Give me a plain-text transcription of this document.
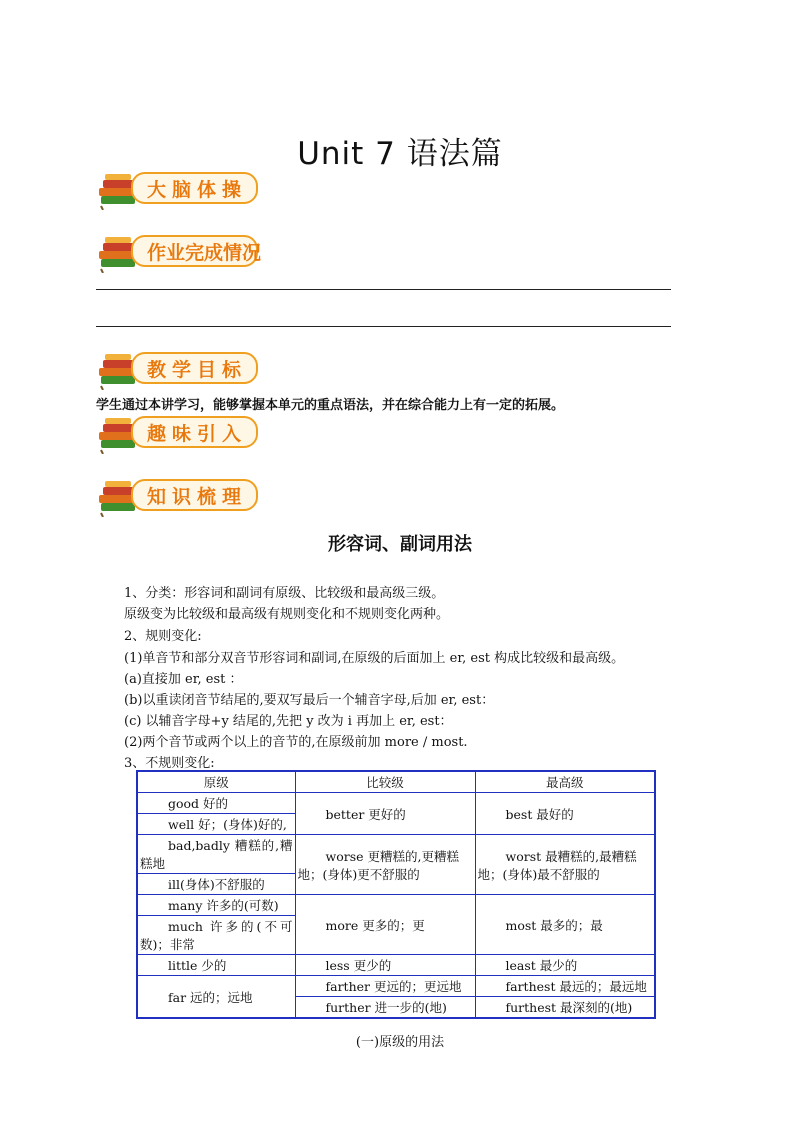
Unit 7 语法篇
大脑体操
作业完成情况
教学目标
学生通过本讲学习，能够掌握本单元的重点语法，并在综合能力上有一定的拓展。
趣味引入
知识梳理
形容词、副词用法
1、分类：形容词和副词有原级、比较级和最高级三级。
原级变为比较级和最高级有规则变化和不规则变化两种。
2、规则变化:
(1)单音节和部分双音节形容词和副词,在原级的后面加上 er, est 构成比较级和最高级。
(a)直接加 er, est ：
(b)以重读闭音节结尾的,要双写最后一个辅音字母,后加 er, est：
(c) 以辅音字母+y 结尾的,先把 y 改为 i 再加上 er, est：
(2)两个音节或两个以上的音节的,在原级前加 more / most.
3、不规则变化:
原级	比较级	最高级
good 好的	better 更好的	best 最好的
well 好；(身体)好的,		
bad,badly 糟糕的,糟糕地	worse 更糟糕的,更糟糕地；(身体)更不舒服的	worst 最糟糕的,最糟糕地；(身体)最不舒服的
ill(身体)不舒服的		
many 许多的(可数)	more 更多的；更	most 最多的；最
much 许多的(不可数)；非常		
little 少的	less 更少的	least 最少的
far 远的；远地	farther 更远的；更远地	farthest 最远的；最远地
	further 进一步的(地)	furthest 最深刻的(地)
(一)原级的用法
